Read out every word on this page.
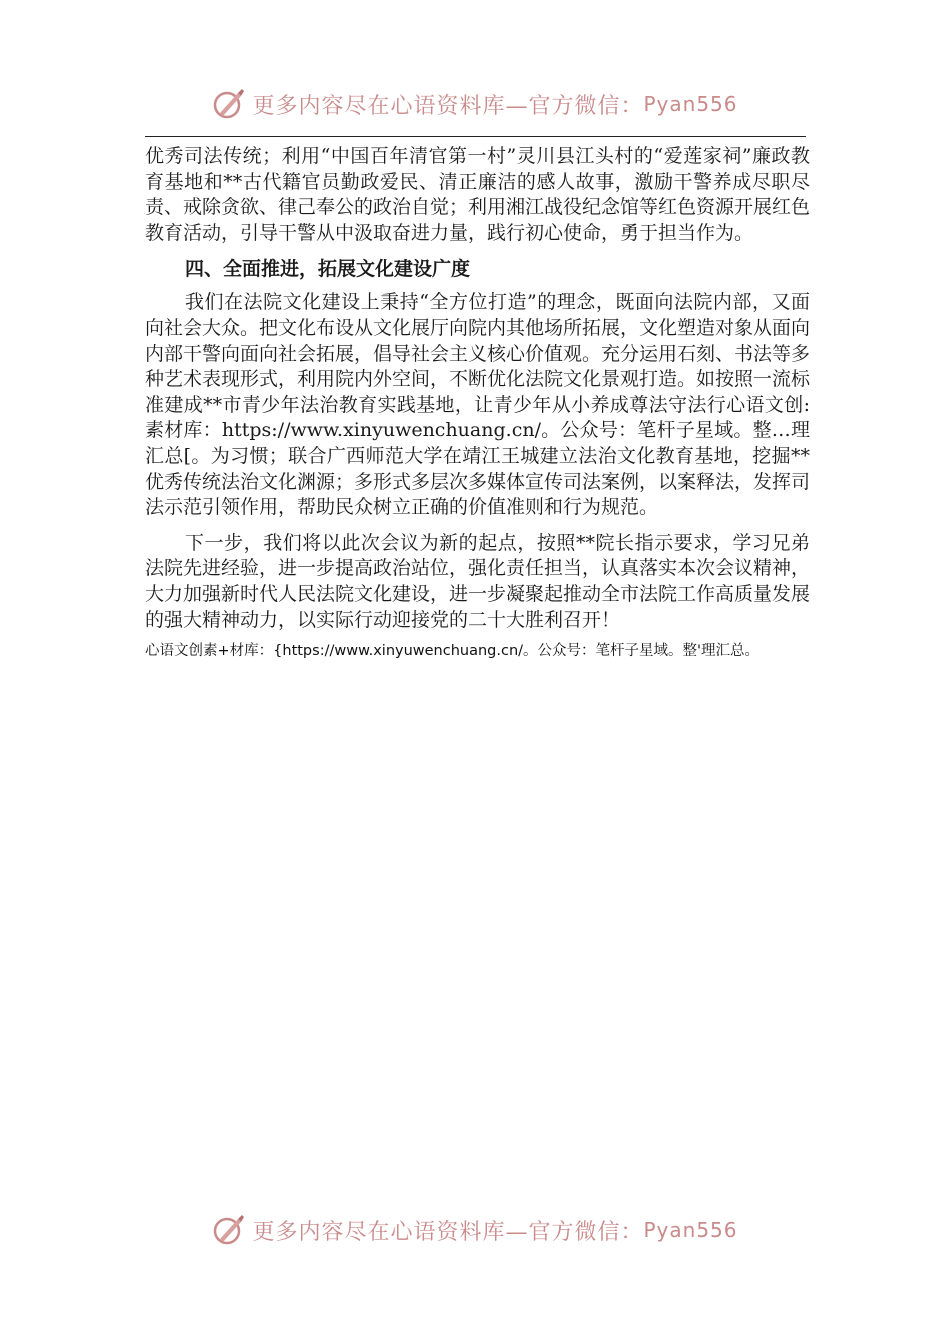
更多内容尽在心语资料库—官方微信： Pyan556

优秀司法传统；利用“中国百年清官第一村”灵川县江头村的“爱莲家祠”廉政教育基地和**古代籍官员勤政爱民、清正廉洁的感人故事，激励干警养成尽职尽责、戒除贪欲、律己奉公的政治自觉；利用湘江战役纪念馆等红色资源开展红色教育活动，引导干警从中汲取奋进力量，践行初心使命，勇于担当作为。

四、全面推进，拓展文化建设广度

我们在法院文化建设上秉持“全方位打造”的理念，既面向法院内部，又面向社会大众。把文化布设从文化展厅向院内其他场所拓展，文化塑造对象从面向内部干警向面向社会拓展，倡导社会主义核心价值观。充分运用石刻、书法等多种艺术表现形式，利用院内外空间，不断优化法院文化景观打造。如按照一流标准建成**市青少年法治教育实践基地，让青少年从小养成尊法守法行心语文创:素材库：https://www.xinyuwenchuang.cn/。公众号：笔杆子星域。整…理汇总[。为习惯；联合广西师范大学在靖江王城建立法治文化教育基地，挖掘**优秀传统法治文化渊源；多形式多层次多媒体宣传司法案例，以案释法，发挥司法示范引领作用，帮助民众树立正确的价值准则和行为规范。

下一步，我们将以此次会议为新的起点，按照**院长指示要求，学习兄弟法院先进经验，进一步提高政治站位，强化责任担当，认真落实本次会议精神，大力加强新时代人民法院文化建设，进一步凝聚起推动全市法院工作高质量发展的强大精神动力，以实际行动迎接党的二十大胜利召开！

心语文创素+材库：{https://www.xinyuwenchuang.cn/。公众号：笔杆子星域。整'理汇总。

更多内容尽在心语资料库—官方微信： Pyan556
